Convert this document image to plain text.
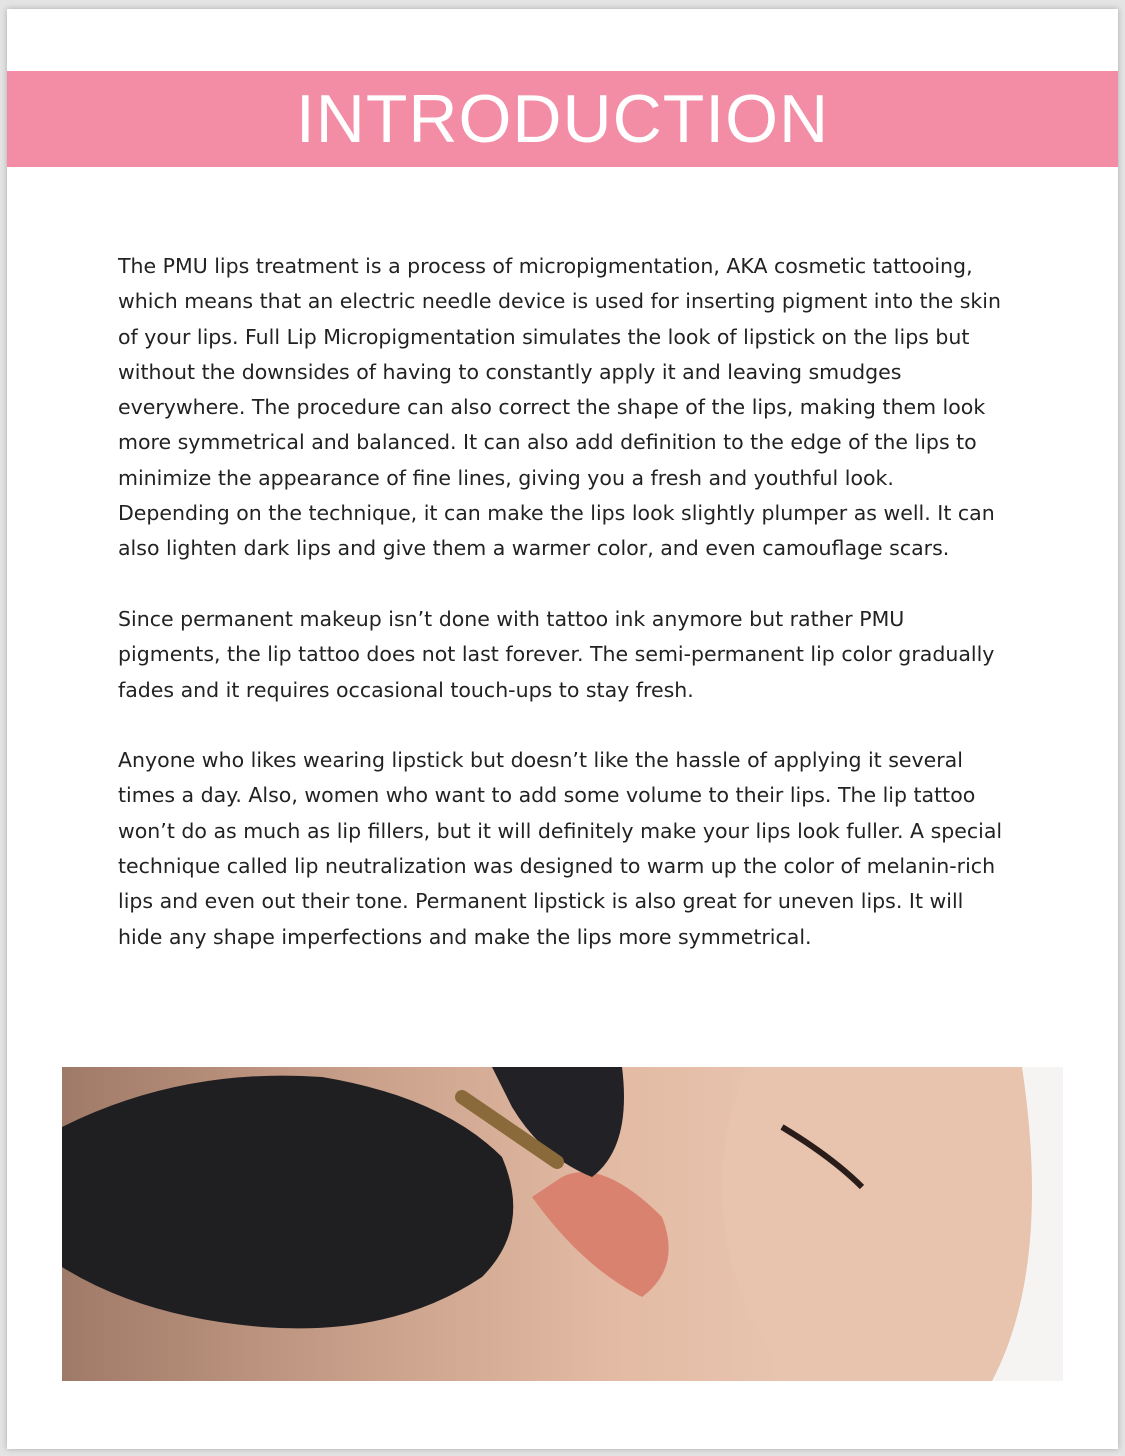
INTRODUCTION

The PMU lips treatment is a process of micropigmentation, AKA cosmetic tattooing, which means that an electric needle device is used for inserting pigment into the skin of your lips. Full Lip Micropigmentation simulates the look of lipstick on the lips but without the downsides of having to constantly apply it and leaving smudges everywhere. The procedure can also correct the shape of the lips, making them look more symmetrical and balanced. It can also add definition to the edge of the lips to minimize the appearance of fine lines, giving you a fresh and youthful look. Depending on the technique, it can make the lips look slightly plumper as well. It can also lighten dark lips and give them a warmer color, and even camouflage scars.

Since permanent makeup isn’t done with tattoo ink anymore but rather PMU pigments, the lip tattoo does not last forever. The semi-permanent lip color gradually fades and it requires occasional touch-ups to stay fresh.

Anyone who likes wearing lipstick but doesn’t like the hassle of applying it several times a day. Also, women who want to add some volume to their lips. The lip tattoo won’t do as much as lip fillers, but it will definitely make your lips look fuller. A special technique called lip neutralization was designed to warm up the color of melanin-rich lips and even out their tone. Permanent lipstick is also great for uneven lips. It will hide any shape imperfections and make the lips more symmetrical.
